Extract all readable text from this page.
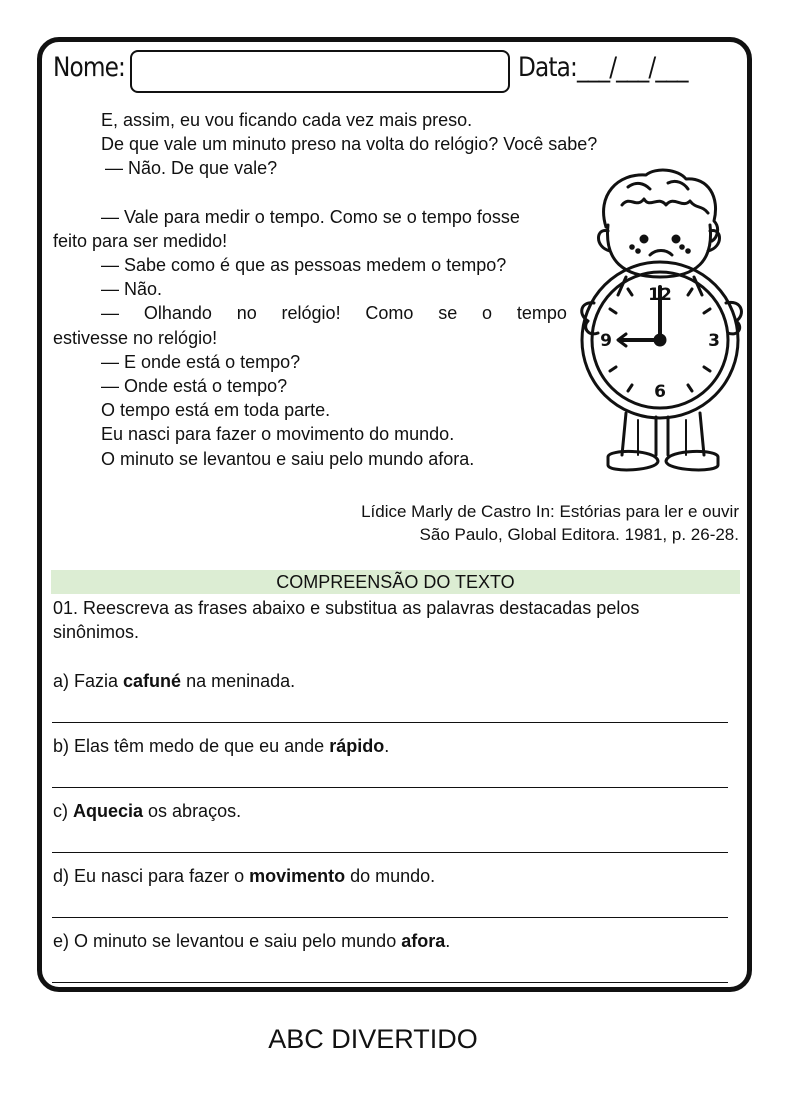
Nome:	Data:___/___/___
E, assim, eu vou ficando cada vez mais preso.
De que vale um minuto preso na volta do relógio? Você sabe?
— Não. De que vale?
— Vale para medir o tempo. Como se o tempo fosse
feito para ser medido!
— Sabe como é que as pessoas medem o tempo?
— Não.
— Olhando no relógio! Como se o tempo
estivesse no relógio!
— E onde está o tempo?
— Onde está o tempo?
O tempo está em toda parte.
Eu nasci para fazer o movimento do mundo.
O minuto se levantou e saiu pelo mundo afora.
12
3
6
9
Lídice Marly de Castro In: Estórias para ler e ouvir
São Paulo, Global Editora. 1981, p. 26-28.
COMPREENSÃO DO TEXTO
01. Reescreva as frases abaixo e substitua as palavras destacadas pelos
sinônimos.
a) Fazia cafuné na meninada.
b) Elas têm medo de que eu ande rápido.
c) Aquecia os abraços.
d) Eu nasci para fazer o movimento do mundo.
e) O minuto se levantou e saiu pelo mundo afora.
ABC DIVERTIDO
